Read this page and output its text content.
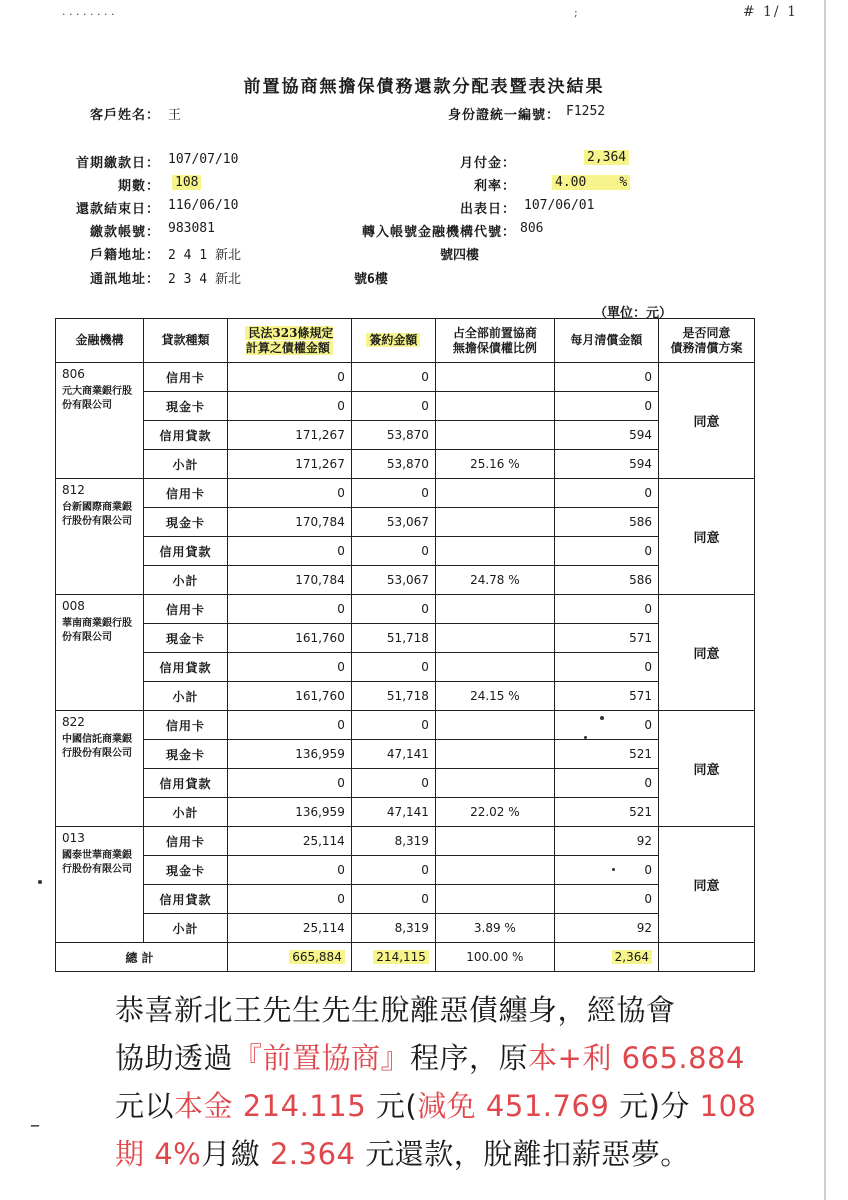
· · · · · · · ·	;	# 1/ 1
前置協商無擔保債務還款分配表暨表決結果
客戶姓名： 王	身份證統一編號： F1252
首期繳款日： 107/07/10
期數： 108
還款結束日： 116/06/10
繳款帳號： 983081
戶籍地址： 2 4 1 新北
通訊地址： 2 3 4 新北
月付金：	2,364
利率：	4.00	%
出表日： 107/06/01
轉入帳號金融機構代號： 806
號四樓
號6樓
（單位：元）
金融機構	貸款種類	民法323條規定
計算之債權金額	簽約金額	占全部前置協商
無擔保債權比例	每月清償金額	是否同意
債務清償方案

806
元大商業銀行股份有限公司	信用卡	0	0		0	同意
	現金卡	0	0		0	
	信用貸款	171,267	53,870		594	
	小計	171,267	53,870	25.16 %	594	

812
台新國際商業銀行股份有限公司	信用卡	0	0		0	同意
	現金卡	170,784	53,067		586	
	信用貸款	0	0		0	
	小計	170,784	53,067	24.78 %	586	

008
華南商業銀行股份有限公司	信用卡	0	0		0	同意
	現金卡	161,760	51,718		571	
	信用貸款	0	0		0	
	小計	161,760	51,718	24.15 %	571	

822
中國信託商業銀行股份有限公司	信用卡	0	0		0	同意
	現金卡	136,959	47,141		521	
	信用貸款	0	0		0	
	小計	136,959	47,141	22.02 %	521	

013
國泰世華商業銀行股份有限公司	信用卡	25,114	8,319		92	同意
	現金卡	0	0		0	
	信用貸款	0	0		0	
	小計	25,114	8,319	3.89 %	92	
總計		665,884	214,115	100.00 %	2,364	
恭喜新北王先生先生脫離惡債纏身，經協會
協助透過『前置協商』程序，原本+利 665.884
元以本金 214.115 元(減免 451.769 元)分 108
期 4%月繳 2.364 元還款，脫離扣薪惡夢。
–
